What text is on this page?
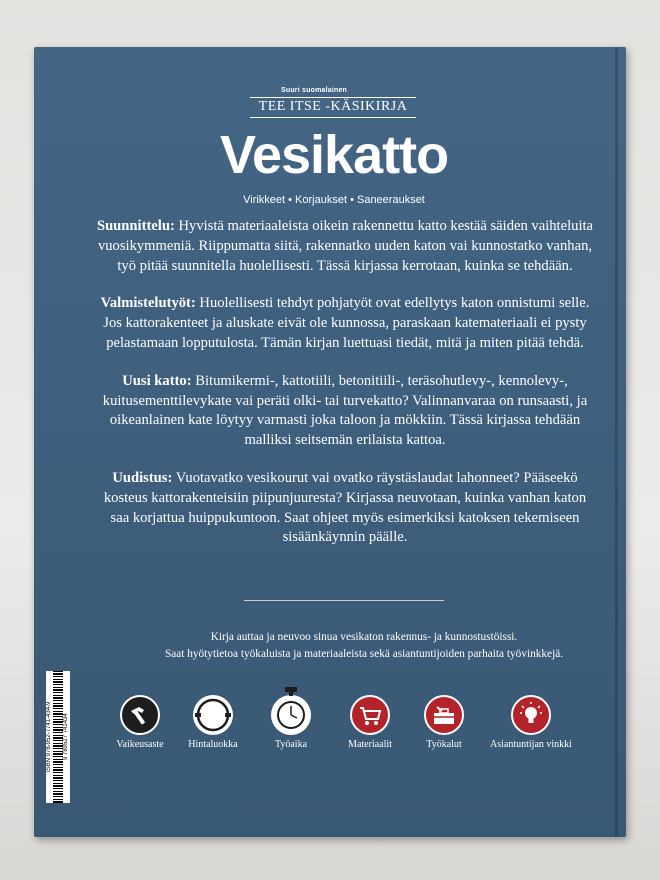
Suuri suomalainen
TEE ITSE -KÄSIKIRJA
Vesikatto
Virikkeet • Korjaukset • Saneeraukset

Suunnittelu: Hyvistä materiaaleista oikein rakennettu katto kestää säiden vaihteluita vuosikymmeniä. Riippumatta siitä, rakennatko uuden katon vai kunnostatko vanhan, työ pitää suunnitella huolellisesti. Tässä kirjassa kerrotaan, kuinka se tehdään.

Valmistelutyöt: Huolellisesti tehdyt pohjatyöt ovat edellytys katon onnistumi selle. Jos kattorakenteet ja aluskate eivät ole kunnossa, paraskaan katemateriaali ei pysty pelastamaan lopputulosta. Tämän kirjan luettuasi tiedät, mitä ja miten pitää tehdä.

Uusi katto: Bitumikermi-, kattotiili, betonitiili-, teräsohutlevy-, kennolevy-, kuitusementtilevykate vai peräti olki- tai turvekatto? Valinnanvaraa on runsaasti, ja oikeanlainen kate löytyy varmasti joka taloon ja mökkiin. Tässä kirjassa tehdään malliksi seitsemän erilaista kattoa.

Uudistus: Vuotavatko vesikourut vai ovatko räystäslaudat lahonneet? Pääseekö kosteus kattorakenteisiin piipunjuuresta? Kirjassa neuvotaan, kuinka vanhan katon saa korjattua huippukuntoon. Saat ohjeet myös esimerkiksi katoksen tekemiseen sisäänkäynnin päälle.

Kirja auttaa ja neuvoo sinua vesikaton rakennus- ja kunnostustöissi.
Saat hyötytietoa työkaluista ja materiaaleista sekä asiantuntijoiden parhaita työvinkkejä.
ISBN 978-952-7741-434-9 9 789527 741434	Vaikeusaste	Hintaluokka	Työaika	Materiaalit	Työkalut	Asiantuntijan vinkki
